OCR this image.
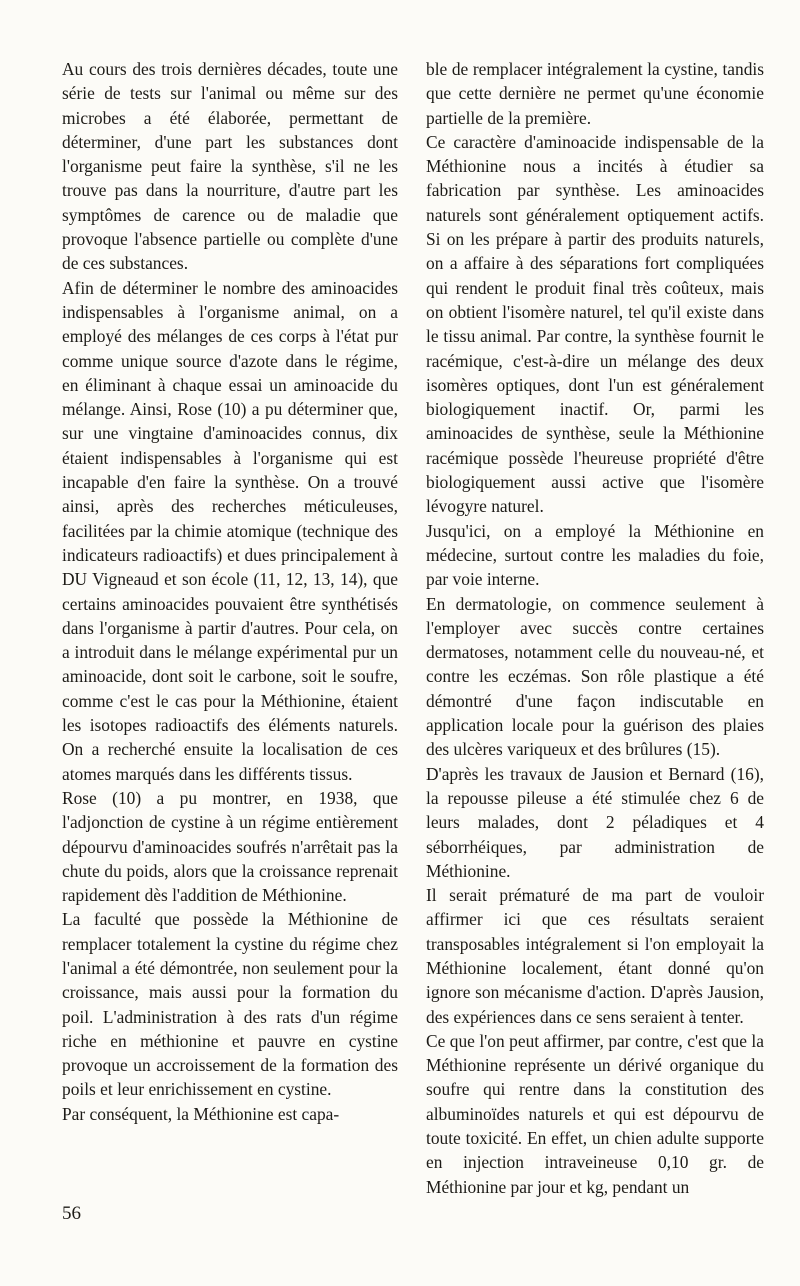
Au cours des trois dernières décades, toute une série de tests sur l'animal ou même sur des microbes a été élaborée, permettant de déterminer, d'une part les substances dont l'organisme peut faire la synthèse, s'il ne les trouve pas dans la nourriture, d'autre part les symptômes de carence ou de maladie que provoque l'absence partielle ou complète d'une de ces substances.

Afin de déterminer le nombre des aminoacides indispensables à l'organisme animal, on a employé des mélanges de ces corps à l'état pur comme unique source d'azote dans le régime, en éliminant à chaque essai un aminoacide du mélange. Ainsi, Rose (10) a pu déterminer que, sur une vingtaine d'aminoacides connus, dix étaient indispensables à l'organisme qui est incapable d'en faire la synthèse. On a trouvé ainsi, après des recherches méticuleuses, facilitées par la chimie atomique (technique des indicateurs radioactifs) et dues principalement à DU Vigneaud et son école (11, 12, 13, 14), que certains aminoacides pouvaient être synthétisés dans l'organisme à partir d'autres. Pour cela, on a introduit dans le mélange expérimental pur un aminoacide, dont soit le carbone, soit le soufre, comme c'est le cas pour la Méthionine, étaient les isotopes radioactifs des éléments naturels. On a recherché ensuite la localisation de ces atomes marqués dans les différents tissus.

Rose (10) a pu montrer, en 1938, que l'adjonction de cystine à un régime entièrement dépourvu d'aminoacides soufrés n'arrêtait pas la chute du poids, alors que la croissance reprenait rapidement dès l'addition de Méthionine.

La faculté que possède la Méthionine de remplacer totalement la cystine du régime chez l'animal a été démontrée, non seulement pour la croissance, mais aussi pour la formation du poil. L'administration à des rats d'un régime riche en méthionine et pauvre en cystine provoque un accroissement de la formation des poils et leur enrichissement en cystine.

Par conséquent, la Méthionine est capa-

ble de remplacer intégralement la cystine, tandis que cette dernière ne permet qu'une économie partielle de la première.

Ce caractère d'aminoacide indispensable de la Méthionine nous a incités à étudier sa fabrication par synthèse. Les aminoacides naturels sont généralement optiquement actifs. Si on les prépare à partir des produits naturels, on a affaire à des séparations fort compliquées qui rendent le produit final très coûteux, mais on obtient l'isomère naturel, tel qu'il existe dans le tissu animal. Par contre, la synthèse fournit le racémique, c'est-à-dire un mélange des deux isomères optiques, dont l'un est généralement biologiquement inactif. Or, parmi les aminoacides de synthèse, seule la Méthionine racémique possède l'heureuse propriété d'être biologiquement aussi active que l'isomère lévogyre naturel.

Jusqu'ici, on a employé la Méthionine en médecine, surtout contre les maladies du foie, par voie interne.

En dermatologie, on commence seulement à l'employer avec succès contre certaines dermatoses, notamment celle du nouveau-né, et contre les eczémas. Son rôle plastique a été démontré d'une façon indiscutable en application locale pour la guérison des plaies des ulcères variqueux et des brûlures (15).

D'après les travaux de Jausion et Bernard (16), la repousse pileuse a été stimulée chez 6 de leurs malades, dont 2 péladiques et 4 séborrhéiques, par administration de Méthionine.

Il serait prématuré de ma part de vouloir affirmer ici que ces résultats seraient transposables intégralement si l'on employait la Méthionine localement, étant donné qu'on ignore son mécanisme d'action. D'après Jausion, des expériences dans ce sens seraient à tenter.

Ce que l'on peut affirmer, par contre, c'est que la Méthionine représente un dérivé organique du soufre qui rentre dans la constitution des albuminoïdes naturels et qui est dépourvu de toute toxicité. En effet, un chien adulte supporte en injection intraveineuse 0,10 gr. de Méthionine par jour et kg, pendant un

56
